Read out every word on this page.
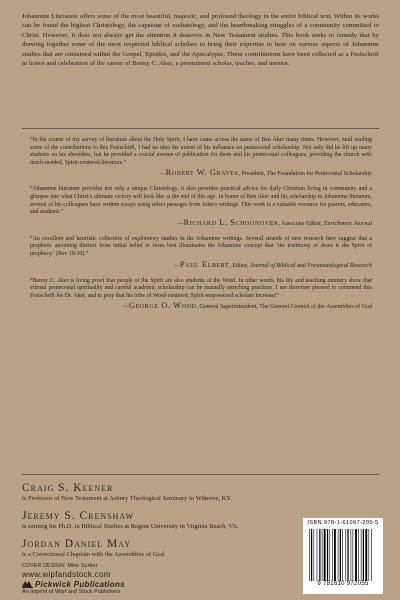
Johannine Literature offers some of the most beautiful, majestic, and profound theology in the entire biblical text. Within its works can be found the highest Christology, the capstone of eschatology, and the heartbreaking struggles of a community committed to Christ. However, it does not always get the attention it deserves in New Testament studies. This book seeks to remedy that by drawing together some of the most respected biblical scholars to bring their expertise to bear on various aspects of Johannine studies that are contained within the Gospel, Epistles, and the Apocalypse. These contributions have been collected as a Festschrift in honor and celebration of the career of Benny C. Aker, a preeminent scholar, teacher, and mentor.

“In the course of my survey of literature about the Holy Spirit, I have come across the name of Ben Aker many times. However, until reading some of the contributions to this Festschrift, I had no idea the extent of his influence on pentecostal scholarship. Not only did he lift up many students on his shoulders, but he provided a crucial avenue of publication for them and his pentecostal colleagues, providing the church with much-needed, Spirit-centered literature.”

—Robert W. Graves, President, The Foundation for Pentecostal Scholarship

“Johannine literature provides not only a unique Christology, it also provides practical advice for daily Christian living in community and a glimpse into what Christ’s ultimate victory will look like at the end of this age. In honor of Ben Aker and his scholarship in Johannine literature, several of his colleagues have written essays using select passages from John’s writings. This work is a valuable resource for pastors, educators, and students.”

—Richard L. Schoonover, Associate Editor, Enrichment Journal

“An excellent and heuristic collection of exploratory studies in the Johannine writings. Several strands of new research here suggest that a prophetic anointing distinct from initial belief in Jesus best illuminates the Johannine concept that ‘the testimony of Jesus is the Spirit of prophecy.’ (Rev 19:10).”

—Paul Elbert, Editor, Journal of Biblical and Pneumatological Research

“Benny C. Aker is living proof that people of the Spirit are also students of the Word. In other words, his life and teaching ministry show that vibrant pentecostal spirituality and careful academic scholarship can be mutually enriching practices. I am therefore pleased to commend this Festschrift for Dr. Aker, and to pray that his tribe of Word-centered, Spirit-empowered scholars increase!”

—George O. Wood, General Superintendent, The General Council of the Assemblies of God

Craig S. Keener

is Professor of New Testament at Asbury Theological Seminary in Wilmore, KY.

Jeremy S. Crenshaw

is earning his Ph.D. in Biblical Studies at Regent University in Virginia Beach, VA.

Jordan Daniel May

is a Correctional Chaplain with the Assemblies of God.

COVER DESIGN: Mike Surber

www.wipfandstock.com

Pickwick Publications

An imprint of Wipf and Stock Publishers

ISBN 978-1-61097-205-5
9 781610 972055
